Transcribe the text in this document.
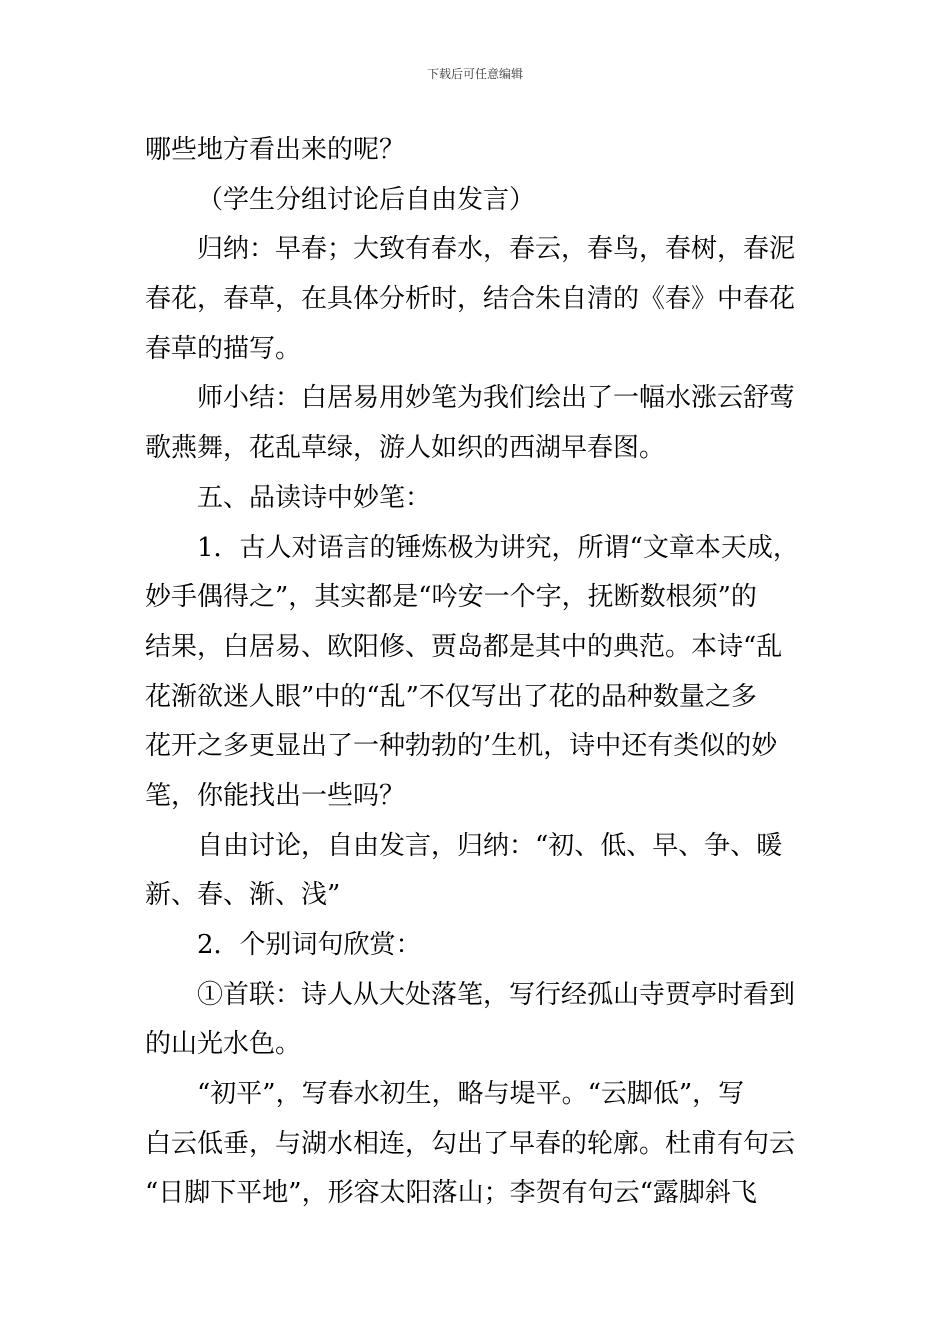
下载后可任意编辑
哪些地方看出来的呢？
（学生分组讨论后自由发言）
归纳：早春；大致有春水，春云，春鸟，春树，春泥
春花，春草，在具体分析时，结合朱自清的《春》中春花
春草的描写。
师小结：白居易用妙笔为我们绘出了一幅水涨云舒莺
歌燕舞，花乱草绿，游人如织的西湖早春图。
五、品读诗中妙笔：
1．古人对语言的锤炼极为讲究，所谓“文章本天成，
妙手偶得之”，其实都是“吟安一个字，抚断数根须”的
结果，白居易、欧阳修、贾岛都是其中的典范。本诗“乱
花渐欲迷人眼”中的“乱”不仅写出了花的品种数量之多
花开之多更显出了一种勃勃的’生机，诗中还有类似的妙
笔，你能找出一些吗？
自由讨论，自由发言，归纳：“初、低、早、争、暖
新、春、渐、浅”
2．个别词句欣赏：
①首联：诗人从大处落笔，写行经孤山寺贾亭时看到
的山光水色。
“初平”，写春水初生，略与堤平。“云脚低”，写
白云低垂，与湖水相连，勾出了早春的轮廓。杜甫有句云
“日脚下平地”，形容太阳落山；李贺有句云“露脚斜飞
